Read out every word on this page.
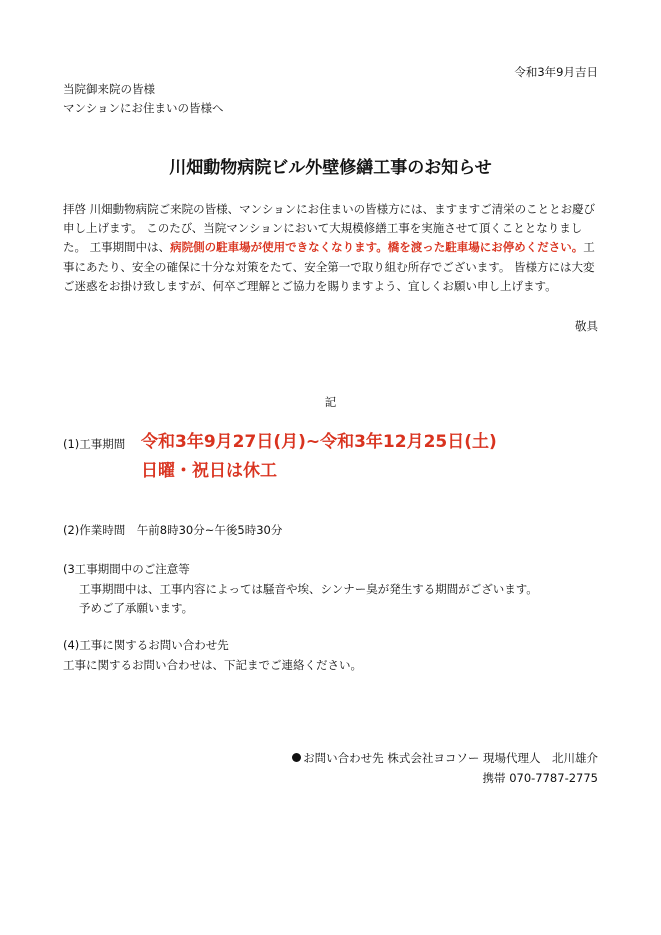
令和3年9月吉日
当院御来院の皆様
マンションにお住まいの皆様へ
川畑動物病院ビル外壁修繕工事のお知らせ
拝啓 川畑動物病院ご来院の皆様、マンションにお住まいの皆様方には、ますますご清栄のこととお慶び申し上げます。 このたび、当院マンションにおいて大規模修繕工事を実施させて頂くこととなりました。 工事期間中は、病院側の駐車場が使用できなくなります。橋を渡った駐車場にお停めください。工事にあたり、安全の確保に十分な対策をたて、安全第一で取り組む所存でございます。 皆様方には大変ご迷惑をお掛け致しますが、何卒ご理解とご協力を賜りますよう、宜しくお願い申し上げます。
敬具
記
(1)工事期間 令和3年9月27日(月)~令和3年12月25日(土)
日曜・祝日は休工
(2)作業時間　午前8時30分~午後5時30分
(3工事期間中のご注意等
工事期間中は、工事内容によっては騒音や埃、シンナー臭が発生する期間がございます。
予めご了承願います。
(4)工事に関するお問い合わせ先
工事に関するお問い合わせは、下記までご連絡ください。
お問い合わせ先 株式会社ヨコソー 現場代理人　北川雄介
携帯 070-7787-2775
